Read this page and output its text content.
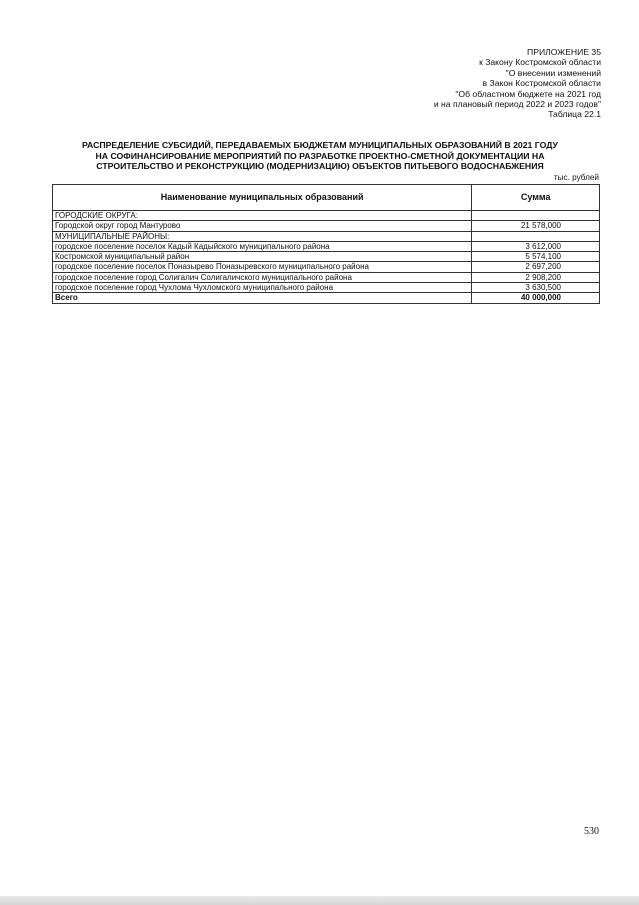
ПРИЛОЖЕНИЕ 35
к Закону Костромской области
"О внесении изменений
в Закон Костромской области
"Об областном бюджете на 2021 год
и на плановый период 2022 и 2023 годов"
Таблица 22.1
РАСПРЕДЕЛЕНИЕ СУБСИДИЙ, ПЕРЕДАВАЕМЫХ БЮДЖЕТАМ МУНИЦИПАЛЬНЫХ ОБРАЗОВАНИЙ В 2021 ГОДУ
НА СОФИНАНСИРОВАНИЕ МЕРОПРИЯТИЙ ПО РАЗРАБОТКЕ ПРОЕКТНО-СМЕТНОЙ ДОКУМЕНТАЦИИ НА
СТРОИТЕЛЬСТВО И РЕКОНСТРУКЦИЮ (МОДЕРНИЗАЦИЮ) ОБЪЕКТОВ ПИТЬЕВОГО ВОДОСНАБЖЕНИЯ
тыс. рублей
Наименование муниципальных образований	Сумма
ГОРОДСКИЕ ОКРУГА:	
Городской округ город Мантурово	21 578,000
МУНИЦИПАЛЬНЫЕ РАЙОНЫ:	
городское поселение поселок Кадый Кадыйского муниципального района	3 612,000
Костромской муниципальный район	5 574,100
городское поселение поселок Поназырево Поназыревского муниципального района	2 697,200
городское поселение город Солигалич Солигаличского муниципального района	2 908,200
городское поселение город Чухлома Чухломского муниципального района	3 630,500
Всего	40 000,000
530
